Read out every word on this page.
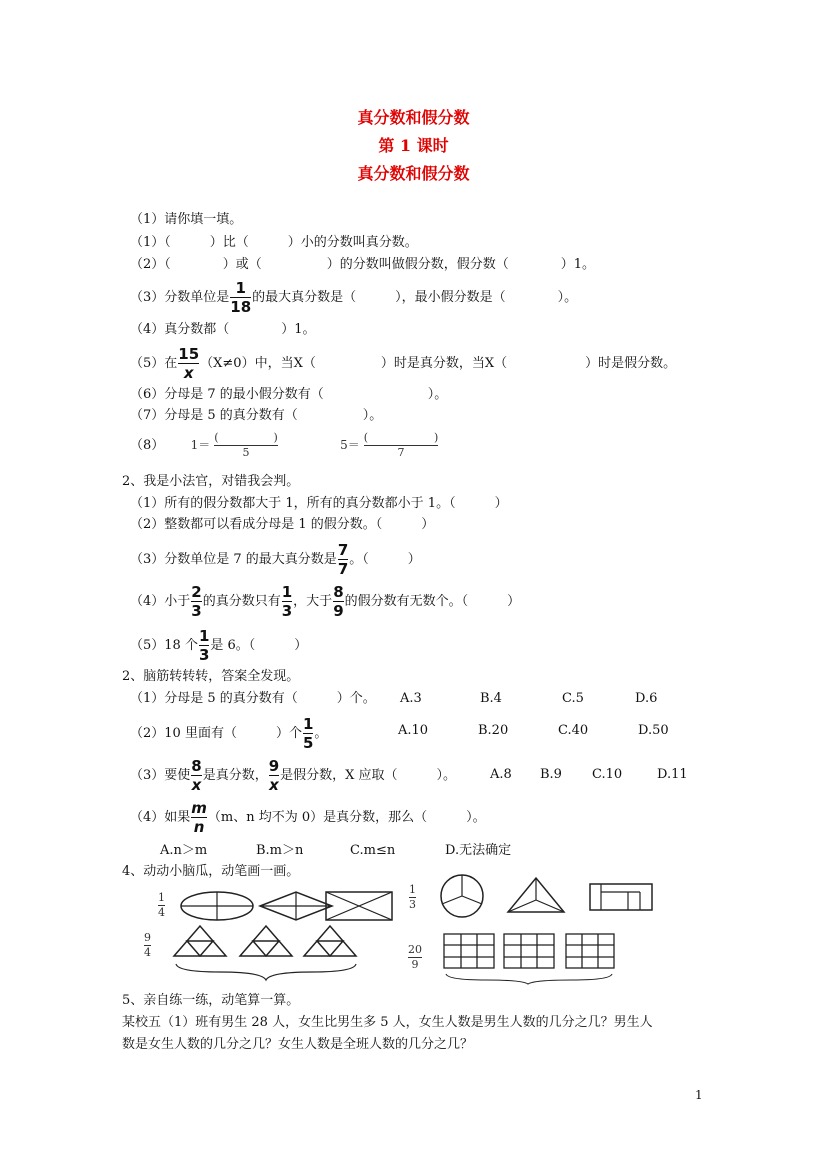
真分数和假分数
第 1 课时
真分数和假分数
（1）请你填一填。
（1）（　　　）比（　　　）小的分数叫真分数。
（2）（　　　　）或（　　　　　）的分数叫做假分数，假分数（　　　　）1。
（3）分数单位是 $\frac{1}{18}$ 的最大真分数是（　　　），最小假分数是（　　　　）。
（4）真分数都（　　　　）1。
（5）在 $\frac{15}{x} (X\ne 0)$中，当X（　　　　　）时是真分数，当X（　　　　　　）时是假分数。
（6）分母是 7 的最小假分数有（　　　　　　　　）。
（7）分母是 5 的真分数有（　　　　　）。
（8） 1＝
(　　　　　)
5
5＝
(　　　　　　)
7
2、我是小法官，对错我会判。
（1）所有的假分数都大于 1，所有的真分数都小于 1。（　　　）
（2）整数都可以看成分母是 1 的假分数。（　　　）
（3）分数单位是 7 的最大真分数是 $\frac{7}{7}$ 。（　　　）
（4）小于 $\frac{2}{3}$ 的真分数只有 $\frac{1}{3}$ ，大于 $\frac{8}{9}$ 的假分数有无数个。（　　　）
（5）18 个 $\frac{1}{3}$ 是 6。（　　　）
2、脑筋转转转，答案全发现。
（1）分母是 5 的真分数有（　　　）个。 A.3	B.4	C.5	D.6
（2）10 里面有（　　　）个 $\frac{1}{5}$ 。	A.10	B.20	C.40	D.50
（3）要使 $\frac{8}{x}$ 是真分数， $\frac{9}{x}$ 是假分数，X 应取（　　　）。	A.8 B.9 C.10	D.11
（4）如果 $\frac{m}{n} (m$、n 均不为 0）是真分数，那么（　　　）。
A.n＞m	B.m＞n	C.m≤n	D.无法确定
4、动动小脑瓜，动笔画一画。
$\frac{1}{4}$	$\frac{1}{3}$
$\frac{9}{4}$	$\frac{20}{9}$
5、亲自练一练，动笔算一算。
某校五（1）班有男生 28 人，女生比男生多 5 人，女生人数是男生人数的几分之几？男生人
数是女生人数的几分之几？女生人数是全班人数的几分之几？
1
